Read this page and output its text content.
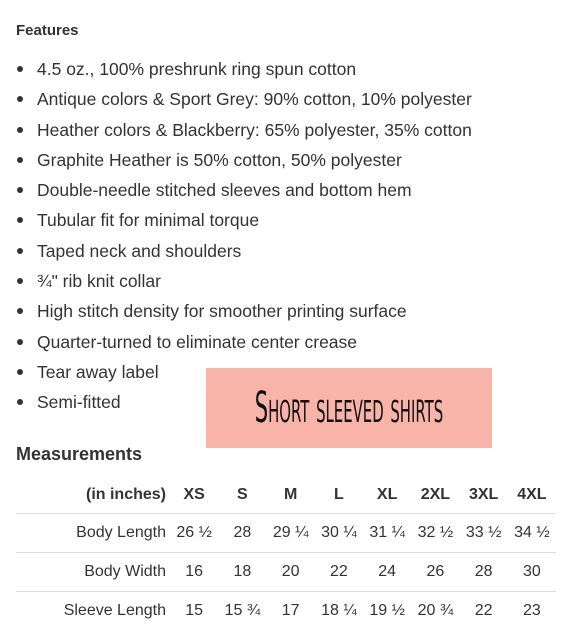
Features
4.5 oz., 100% preshrunk ring spun cotton
Antique colors & Sport Grey: 90% cotton, 10% polyester
Heather colors & Blackberry: 65% polyester, 35% cotton
Graphite Heather is 50% cotton, 50% polyester
Double-needle stitched sleeves and bottom hem
Tubular fit for minimal torque
Taped neck and shoulders
¾" rib knit collar
High stitch density for smoother printing surface
Quarter-turned to eliminate center crease
Tear away label
Semi-fitted	Short sleeved shirts
Measurements
(in inches)	XS	S	M	L	XL	2XL	3XL	4XL
Body Length	26 ½	28	29 ¼	30 ¼	31 ¼	32 ½	33 ½	34 ½
Body Width	16	18	20	22	24	26	28	30
Sleeve Length	15	15 ¾	17	18 ¼	19 ½	20 ¾	22	23
